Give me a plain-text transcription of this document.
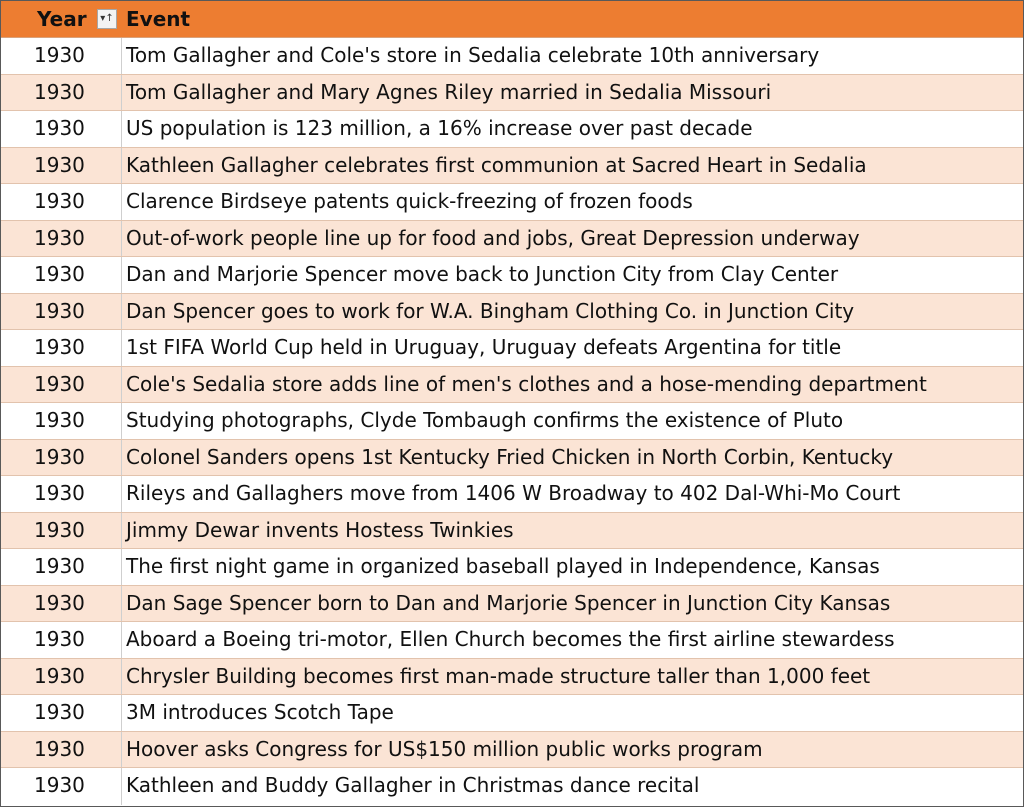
Year	▾↑ Event
1930	Tom Gallagher and Cole's store in Sedalia celebrate 10th anniversary
1930	Tom Gallagher and Mary Agnes Riley married in Sedalia Missouri
1930	US population is 123 million, a 16% increase over past decade
1930	Kathleen Gallagher celebrates first communion at Sacred Heart in Sedalia
1930	Clarence Birdseye patents quick-freezing of frozen foods
1930	Out-of-work people line up for food and jobs, Great Depression underway
1930	Dan and Marjorie Spencer move back to Junction City from Clay Center
1930	Dan Spencer goes to work for W.A. Bingham Clothing Co. in Junction City
1930	1st FIFA World Cup held in Uruguay, Uruguay defeats Argentina for title
1930	Cole's Sedalia store adds line of men's clothes and a hose-mending department
1930	Studying photographs, Clyde Tombaugh confirms the existence of Pluto
1930	Colonel Sanders opens 1st Kentucky Fried Chicken in North Corbin, Kentucky
1930	Rileys and Gallaghers move from 1406 W Broadway to 402 Dal-Whi-Mo Court
1930	Jimmy Dewar invents Hostess Twinkies
1930	The first night game in organized baseball played in Independence, Kansas
1930	Dan Sage Spencer born to Dan and Marjorie Spencer in Junction City Kansas
1930	Aboard a Boeing tri-motor, Ellen Church becomes the first airline stewardess
1930	Chrysler Building becomes first man-made structure taller than 1,000 feet
1930	3M introduces Scotch Tape
1930	Hoover asks Congress for US$150 million public works program
1930	Kathleen and Buddy Gallagher in Christmas dance recital
